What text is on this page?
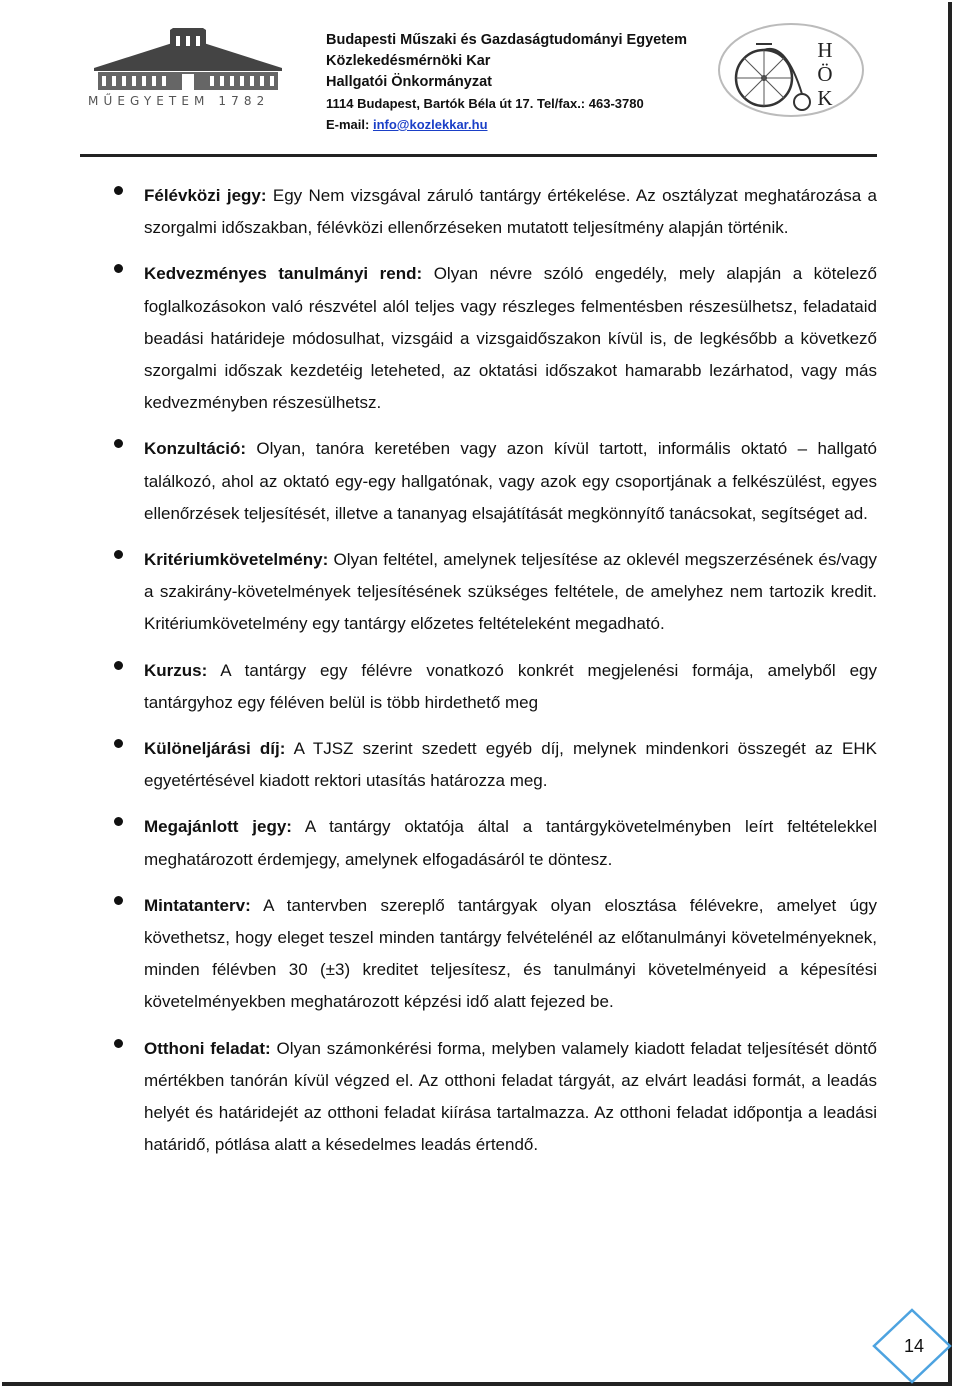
MŰEGYETEM 1782
Budapesti Műszaki és Gazdaságtudományi Egyetem
Közlekedésmérnöki Kar
Hallgatói Önkormányzat
1114 Budapest, Bartók Béla út 17. Tel/fax.: 463-3780
E-mail: info@kozlekkar.hu
H
Ö
K
Félévközi jegy: Egy Nem vizsgával záruló tantárgy értékelése. Az osztályzat meghatározása a szorgalmi időszakban, félévközi ellenőrzéseken mutatott teljesítmény alapján történik.
Kedvezményes tanulmányi rend: Olyan névre szóló engedély, mely alapján a kötelező foglalkozásokon való részvétel alól teljes vagy részleges felmentésben részesülhetsz, feladataid beadási határideje módosulhat, vizsgáid a vizsgaidőszakon kívül is, de legkésőbb a következő szorgalmi időszak kezdetéig leteheted, az oktatási időszakot hamarabb lezárhatod, vagy más kedvezményben részesülhetsz.
Konzultáció: Olyan, tanóra keretében vagy azon kívül tartott, informális oktató – hallgató találkozó, ahol az oktató egy-egy hallgatónak, vagy azok egy csoportjának a felkészülést, egyes ellenőrzések teljesítését, illetve a tananyag elsajátítását megkönnyítő tanácsokat, segítséget ad.
Kritériumkövetelmény: Olyan feltétel, amelynek teljesítése az oklevél megszerzésének és/vagy a szakirány-követelmények teljesítésének szükséges feltétele, de amelyhez nem tartozik kredit. Kritériumkövetelmény egy tantárgy előzetes feltételeként megadható.
Kurzus: A tantárgy egy félévre vonatkozó konkrét megjelenési formája, amelyből egy tantárgyhoz egy féléven belül is több hirdethető meg
Különeljárási díj: A TJSZ szerint szedett egyéb díj, melynek mindenkori összegét az EHK egyetértésével kiadott rektori utasítás határozza meg.
Megajánlott jegy: A tantárgy oktatója által a tantárgykövetelményben leírt feltételekkel meghatározott érdemjegy, amelynek elfogadásáról te döntesz.
Mintatanterv: A tantervben szereplő tantárgyak olyan elosztása félévekre, amelyet úgy követhetsz, hogy eleget teszel minden tantárgy felvételénél az előtanulmányi követelményeknek, minden félévben 30 (±3) kreditet teljesítesz, és tanulmányi követelményeid a képesítési követelményekben meghatározott képzési idő alatt fejezed be.
Otthoni feladat: Olyan számonkérési forma, melyben valamely kiadott feladat teljesítését döntő mértékben tanórán kívül végzed el. Az otthoni feladat tárgyát, az elvárt leadási formát, a leadás helyét és határidejét az otthoni feladat kiírása tartalmazza. Az otthoni feladat időpontja a leadási határidő, pótlása alatt a késedelmes leadás értendő.
14
